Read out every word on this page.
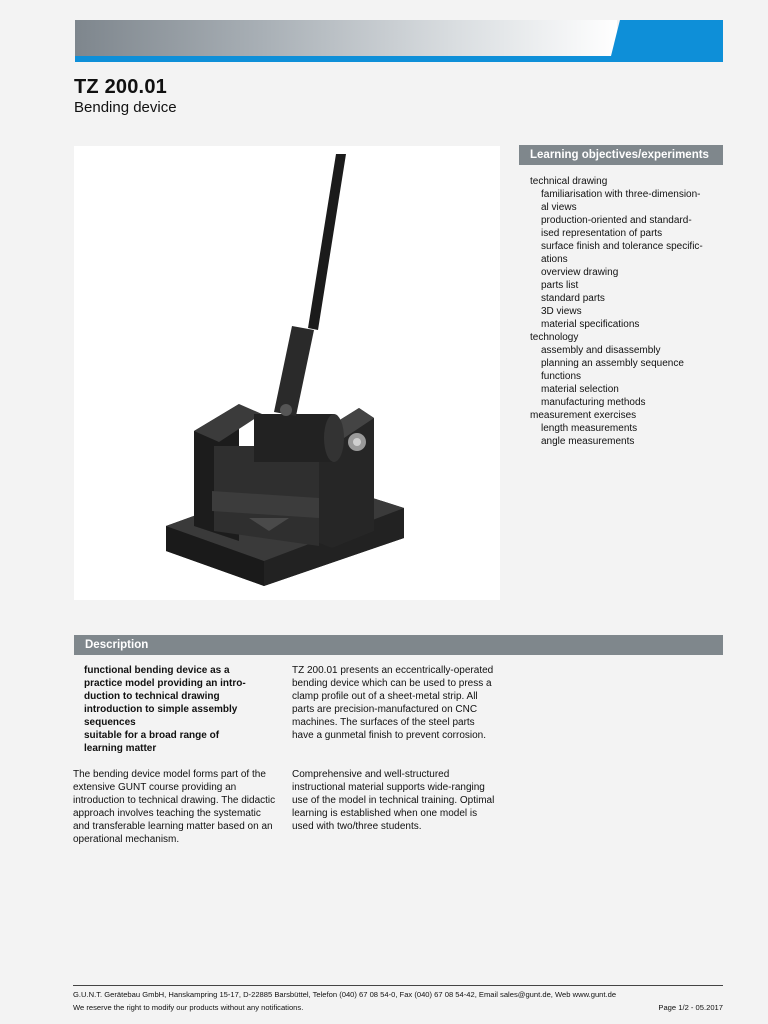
TZ 200.01
Bending device
Learning objectives/experiments
technical drawing
familiarisation with three-dimension-
al views
production-oriented and standard-
ised representation of parts
surface finish and tolerance specific-
ations
overview drawing
parts list
standard parts
3D views
material specifications
technology
assembly and disassembly
planning an assembly sequence
functions
material selection
manufacturing methods
measurement exercises
length measurements
angle measurements
Description
functional bending device as a
practice model providing an intro-
duction to technical drawing
introduction to simple assembly
sequences
suitable for a broad range of
learning matter
The bending device model forms part of the extensive GUNT course providing an introduction to technical drawing. The didactic approach involves teaching the systematic and transferable learning matter based on an operational mechanism.
TZ 200.01 presents an eccentrically-operated bending device which can be used to press a clamp profile out of a sheet-metal strip. All parts are precision-manufactured on CNC machines. The surfaces of the steel parts have a gunmetal finish to prevent corrosion.
Comprehensive and well-structured instructional material supports wide-ranging use of the model in technical training. Optimal learning is established when one model is used with two/three students.
G.U.N.T. Gerätebau GmbH, Hanskampring 15-17, D-22885 Barsbüttel, Telefon (040) 67 08 54-0, Fax (040) 67 08 54-42, Email sales@gunt.de, Web www.gunt.de
We reserve the right to modify our products without any notifications.	Page 1/2 - 05.2017
